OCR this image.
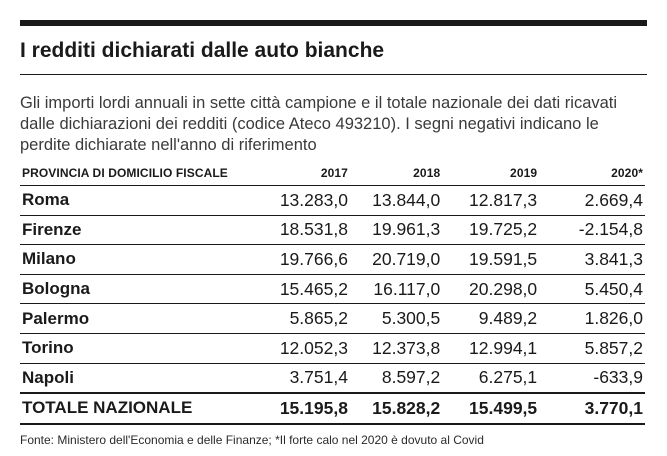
I redditi dichiarati dalle auto bianche
Gli importi lordi annuali in sette città campione e il totale nazionale dei dati ricavati dalle dichiarazioni dei redditi (codice Ateco 493210). I segni negativi indicano le perdite dichiarate nell'anno di riferimento
PROVINCIA DI DOMICILIO FISCALE	2017	2018	2019	2020*
Roma	13.283,0	13.844,0	12.817,3	2.669,4
Firenze	18.531,8	19.961,3	19.725,2	-2.154,8
Milano	19.766,6	20.719,0	19.591,5	3.841,3
Bologna	15.465,2	16.117,0	20.298,0	5.450,4
Palermo	5.865,2	5.300,5	9.489,2	1.826,0
Torino	12.052,3	12.373,8	12.994,1	5.857,2
Napoli	3.751,4	8.597,2	6.275,1	-633,9
TOTALE NAZIONALE	15.195,8	15.828,2	15.499,5	3.770,1
Fonte: Ministero dell'Economia e delle Finanze; *Il forte calo nel 2020 è dovuto al Covid
